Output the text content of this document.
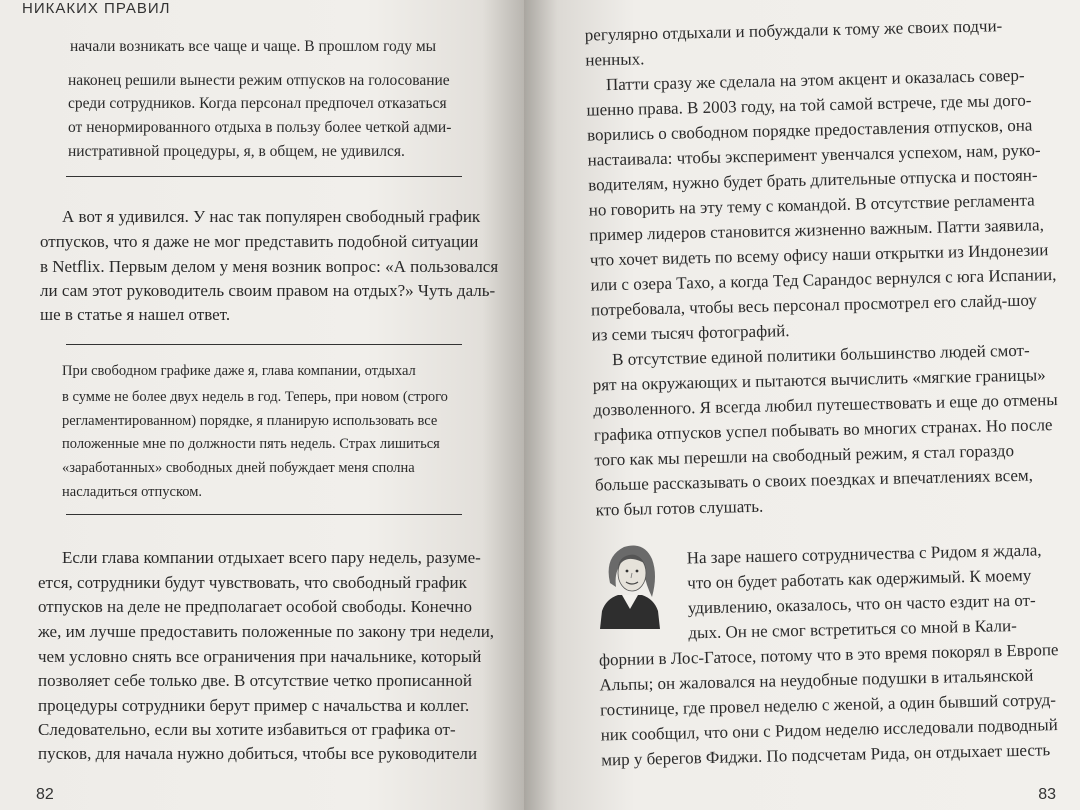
НИКАКИХ ПРАВИЛ
начали возникать все чаще и чаще. В прошлом году мы
наконец решили вынести режим отпусков на голосование
среди сотрудников. Когда персонал предпочел отказаться
от ненормированного отдыха в пользу более четкой адми-
нистративной процедуры, я, в общем, не удивился.
А вот я удивился. У нас так популярен свободный график
отпусков, что я даже не мог представить подобной ситуации
в Netflix. Первым делом у меня возник вопрос: «А пользовался
ли сам этот руководитель своим правом на отдых?» Чуть даль-
ше в статье я нашел ответ.
При свободном графике даже я, глава компании, отдыхал
в сумме не более двух недель в год. Теперь, при новом (строго
регламентированном) порядке, я планирую использовать все
положенные мне по должности пять недель. Страх лишиться
«заработанных» свободных дней побуждает меня сполна
насладиться отпуском.
Если глава компании отдыхает всего пару недель, разуме-
ется, сотрудники будут чувствовать, что свободный график
отпусков на деле не предполагает особой свободы. Конечно
же, им лучше предоставить положенные по закону три недели,
чем условно снять все ограничения при начальнике, который
позволяет себе только две. В отсутствие четко прописанной
процедуры сотрудники берут пример с начальства и коллег.
Следовательно, если вы хотите избавиться от графика от-
пусков, для начала нужно добиться, чтобы все руководители
82
регулярно отдыхали и побуждали к тому же своих подчи-
ненных.
Патти сразу же сделала на этом акцент и оказалась совер-
шенно права. В 2003 году, на той самой встрече, где мы дого-
ворились о свободном порядке предоставления отпусков, она
настаивала: чтобы эксперимент увенчался успехом, нам, руко-
водителям, нужно будет брать длительные отпуска и постоян-
но говорить на эту тему с командой. В отсутствие регламента
пример лидеров становится жизненно важным. Патти заявила,
что хочет видеть по всему офису наши открытки из Индонезии
или с озера Тахо, а когда Тед Сарандос вернулся с юга Испании,
потребовала, чтобы весь персонал просмотрел его слайд-шоу
из семи тысяч фотографий.
В отсутствие единой политики большинство людей смот-
рят на окружающих и пытаются вычислить «мягкие границы»
дозволенного. Я всегда любил путешествовать и еще до отмены
графика отпусков успел побывать во многих странах. Но после
того как мы перешли на свободный режим, я стал гораздо
больше рассказывать о своих поездках и впечатлениях всем,
кто был готов слушать.
На заре нашего сотрудничества с Ридом я ждала,
что он будет работать как одержимый. К моему
удивлению, оказалось, что он часто ездит на от-
дых. Он не смог встретиться со мной в Кали-
форнии в Лос-Гатосе, потому что в это время покорял в Европе
Альпы; он жаловался на неудобные подушки в итальянской
гостинице, где провел неделю с женой, а один бывший сотруд-
ник сообщил, что они с Ридом неделю исследовали подводный
мир у берегов Фиджи. По подсчетам Рида, он отдыхает шесть
83
